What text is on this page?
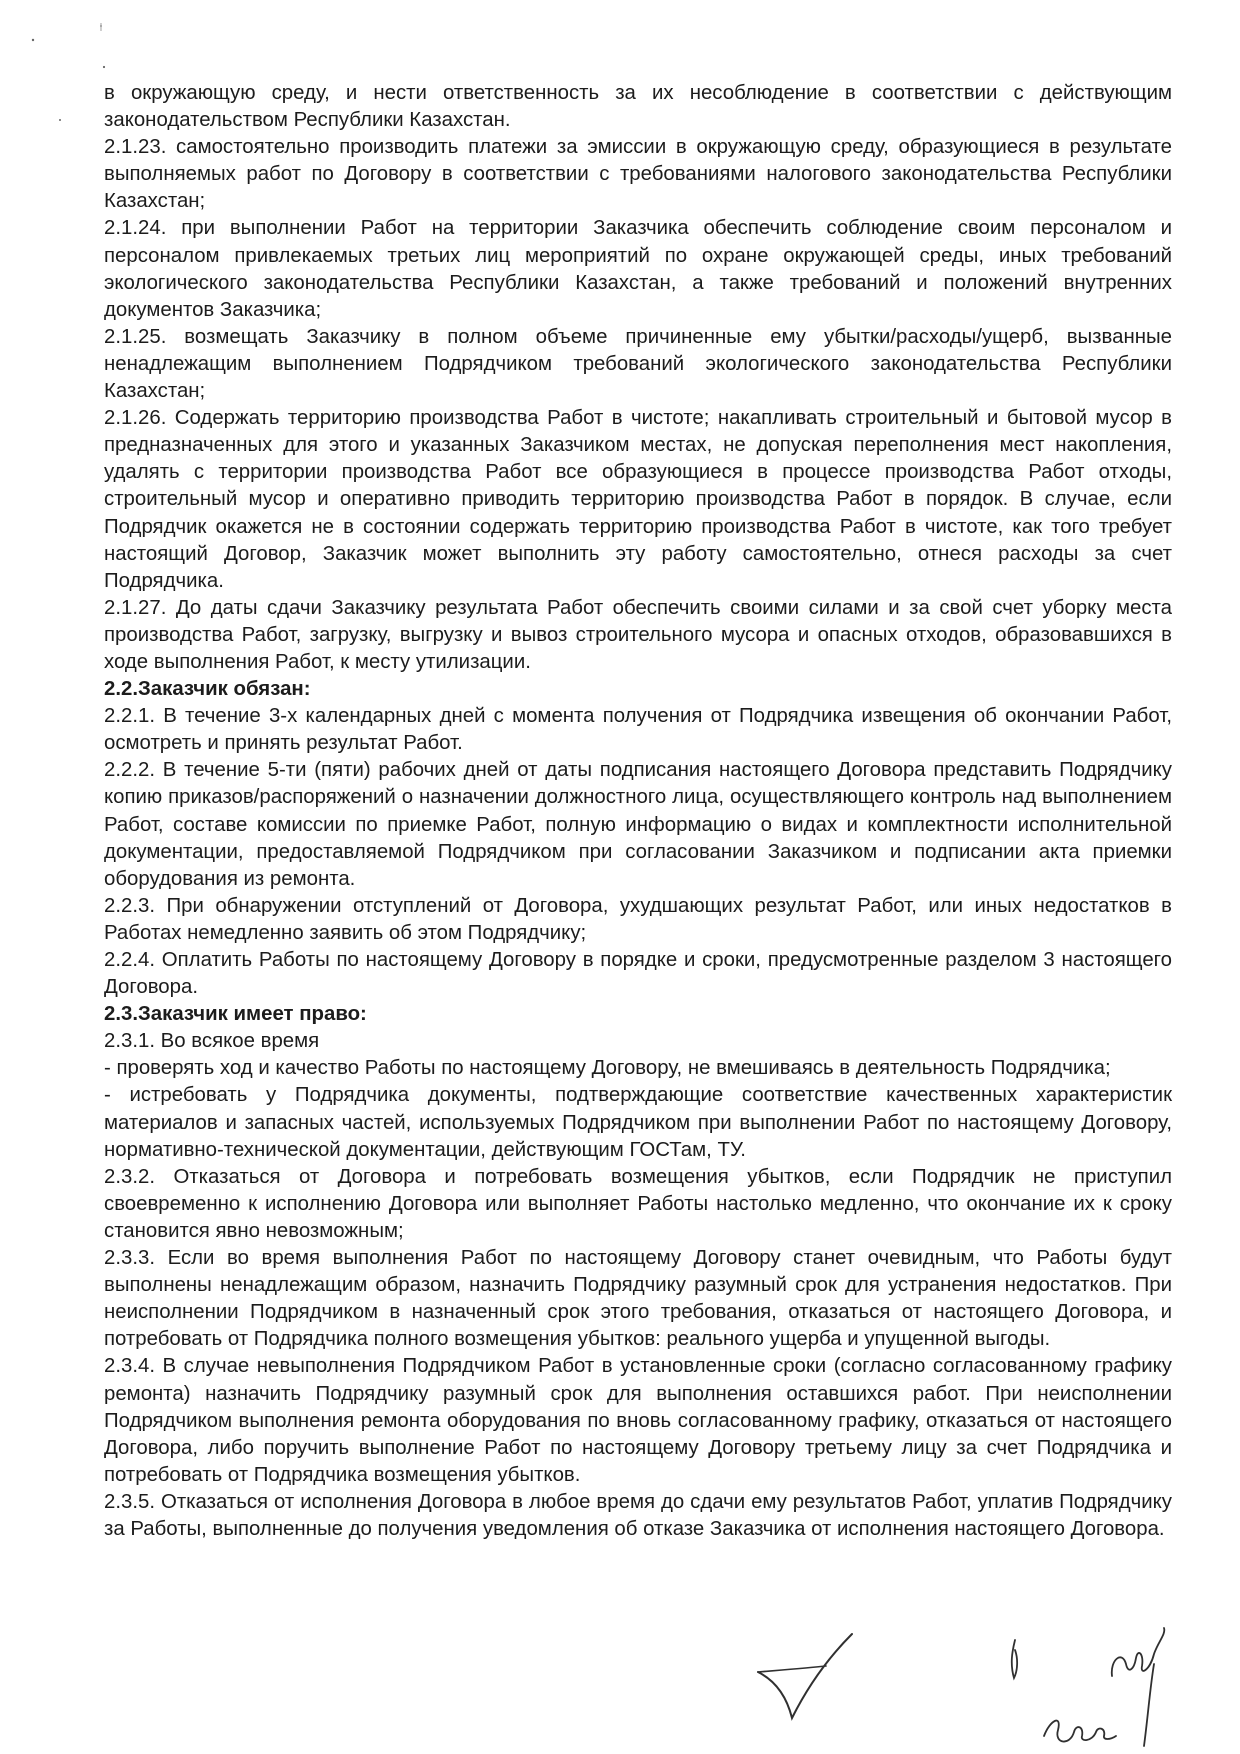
в окружающую среду, и нести ответственность за их несоблюдение в соответствии с действующим законодательством Республики Казахстан.

2.1.23. самостоятельно производить платежи за эмиссии в окружающую среду, образующиеся в результате выполняемых работ по Договору в соответствии с требованиями налогового законодательства Республики Казахстан;

2.1.24. при выполнении Работ на территории Заказчика обеспечить соблюдение своим персоналом и персоналом привлекаемых третьих лиц мероприятий по охране окружающей среды, иных требований экологического законодательства Республики Казахстан, а также требований и положений внутренних документов Заказчика;

2.1.25. возмещать Заказчику в полном объеме причиненные ему убытки/расходы/ущерб, вызванные ненадлежащим выполнением Подрядчиком требований экологического законодательства Республики Казахстан;

2.1.26. Содержать территорию производства Работ в чистоте; накапливать строительный и бытовой мусор в предназначенных для этого и указанных Заказчиком местах, не допуская переполнения мест накопления, удалять с территории производства Работ все образующиеся в процессе производства Работ отходы, строительный мусор и оперативно приводить территорию производства Работ в порядок. В случае, если Подрядчик окажется не в состоянии содержать территорию производства Работ в чистоте, как того требует настоящий Договор, Заказчик может выполнить эту работу самостоятельно, отнеся расходы за счет Подрядчика.

2.1.27. До даты сдачи Заказчику результата Работ обеспечить своими силами и за свой счет уборку места производства Работ, загрузку, выгрузку и вывоз строительного мусора и опасных отходов, образовавшихся в ходе выполнения Работ, к месту утилизации.

2.2.Заказчик обязан:

2.2.1. В течение 3-х календарных дней с момента получения от Подрядчика извещения об окончании Работ, осмотреть и принять результат Работ.

2.2.2. В течение 5-ти (пяти) рабочих дней от даты подписания настоящего Договора представить Подрядчику копию приказов/распоряжений о назначении должностного лица, осуществляющего контроль над выполнением Работ, составе комиссии по приемке Работ, полную информацию о видах и комплектности исполнительной документации, предоставляемой Подрядчиком при согласовании Заказчиком и подписании акта приемки оборудования из ремонта.

2.2.3. При обнаружении отступлений от Договора, ухудшающих результат Работ, или иных недостатков в Работах немедленно заявить об этом Подрядчику;

2.2.4. Оплатить Работы по настоящему Договору в порядке и сроки, предусмотренные разделом 3 настоящего Договора.

2.3.Заказчик имеет право:

2.3.1. Во всякое время

- проверять ход и качество Работы по настоящему Договору, не вмешиваясь в деятельность Подрядчика;

- истребовать у Подрядчика документы, подтверждающие соответствие качественных характеристик материалов и запасных частей, используемых Подрядчиком при выполнении Работ по настоящему Договору, нормативно-технической документации, действующим ГОСТам, ТУ.

2.3.2. Отказаться от Договора и потребовать возмещения убытков, если Подрядчик не приступил своевременно к исполнению Договора или выполняет Работы настолько медленно, что окончание их к сроку становится явно невозможным;

2.3.3. Если во время выполнения Работ по настоящему Договору станет очевидным, что Работы будут выполнены ненадлежащим образом, назначить Подрядчику разумный срок для устранения недостатков. При неисполнении Подрядчиком в назначенный срок этого требования, отказаться от настоящего Договора, и потребовать от Подрядчика полного возмещения убытков: реального ущерба и упущенной выгоды.

2.3.4. В случае невыполнения Подрядчиком Работ в установленные сроки (согласно согласованному графику ремонта) назначить Подрядчику разумный срок для выполнения оставшихся работ. При неисполнении Подрядчиком выполнения ремонта оборудования по вновь согласованному графику, отказаться от настоящего Договора, либо поручить выполнение Работ по настоящему Договору третьему лицу за счет Подрядчика и потребовать от Подрядчика возмещения убытков.

2.3.5. Отказаться от исполнения Договора в любое время до сдачи ему результатов Работ, уплатив Подрядчику за Работы, выполненные до получения уведомления об отказе Заказчика от исполнения настоящего Договора.
